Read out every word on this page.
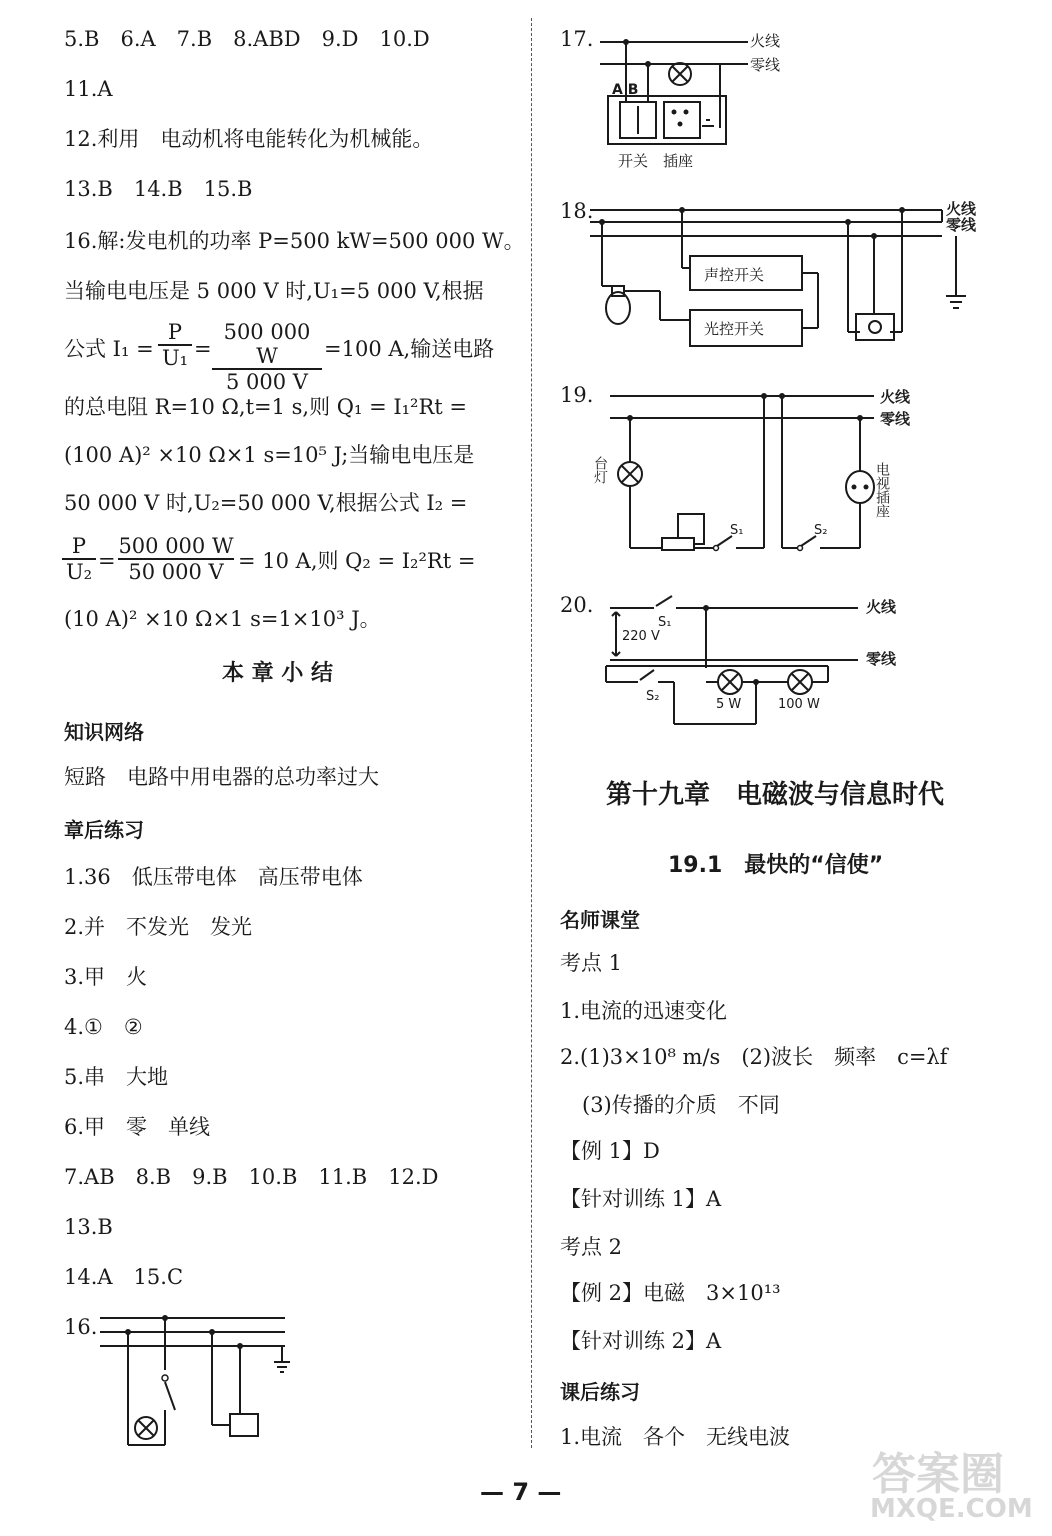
5.B　6.A　7.B　8.ABD　9.D　10.D
11.A
12.利用　电动机将电能转化为机械能。
13.B　14.B　15.B
16.解:发电机的功率 P=500 kW=500 000 W。
当输电电压是 5 000 V 时,U₁=5 000 V,根据
公式 $I_1 = \frac{P}{\text{U₁}} = \frac{500 000 W}{5 000 V} =100$ A,输送电路
的总电阻 R=10 Ω,t=1 s,则 Q₁ = I₁²Rt =
(100 A)² ×10 Ω×1 s=10⁵ J;当输电电压是
50 000 V 时,U₂=50 000 V,根据公式 I₂ =
$\frac{P}{\text{U₂}} = \frac{500 000 W}{50 000 V} = 10$ A,则 Q₂ = I₂²Rt =
(10 A)² ×10 Ω×1 s=1×10³ J。
本 章 小 结
知识网络
短路　电路中用电器的总功率过大
章后练习
1.36　低压带电体　高压带电体
2.并　不发光　发光
3.甲　火
4.①　②
5.串　大地
6.甲　零　单线
7.AB　8.B　9.B　10.B　11.B　12.D
13.B
14.A　15.C
16.
17.	火线
零线
A B
开关　插座
18.
声控开关
光控开关
火线
零线
19.	火线
零线
台灯	电视插座
S₁	S₂
20.	火线
零线
220 V
S₁
S₂
5 W	100 W
第十九章　电磁波与信息时代
19.1　最快的“信使”
名师课堂
考点 1
1.电流的迅速变化
2.(1)3×10⁸ m/s　(2)波长　频率　c=λf
(3)传播的介质　不同
【例 1】D
【针对训练 1】A
考点 2
【例 2】电磁　3×10¹³
【针对训练 2】A
课后练习
1.电流　各个　无线电波
— 7 —	答案圈
MXQE.COM
